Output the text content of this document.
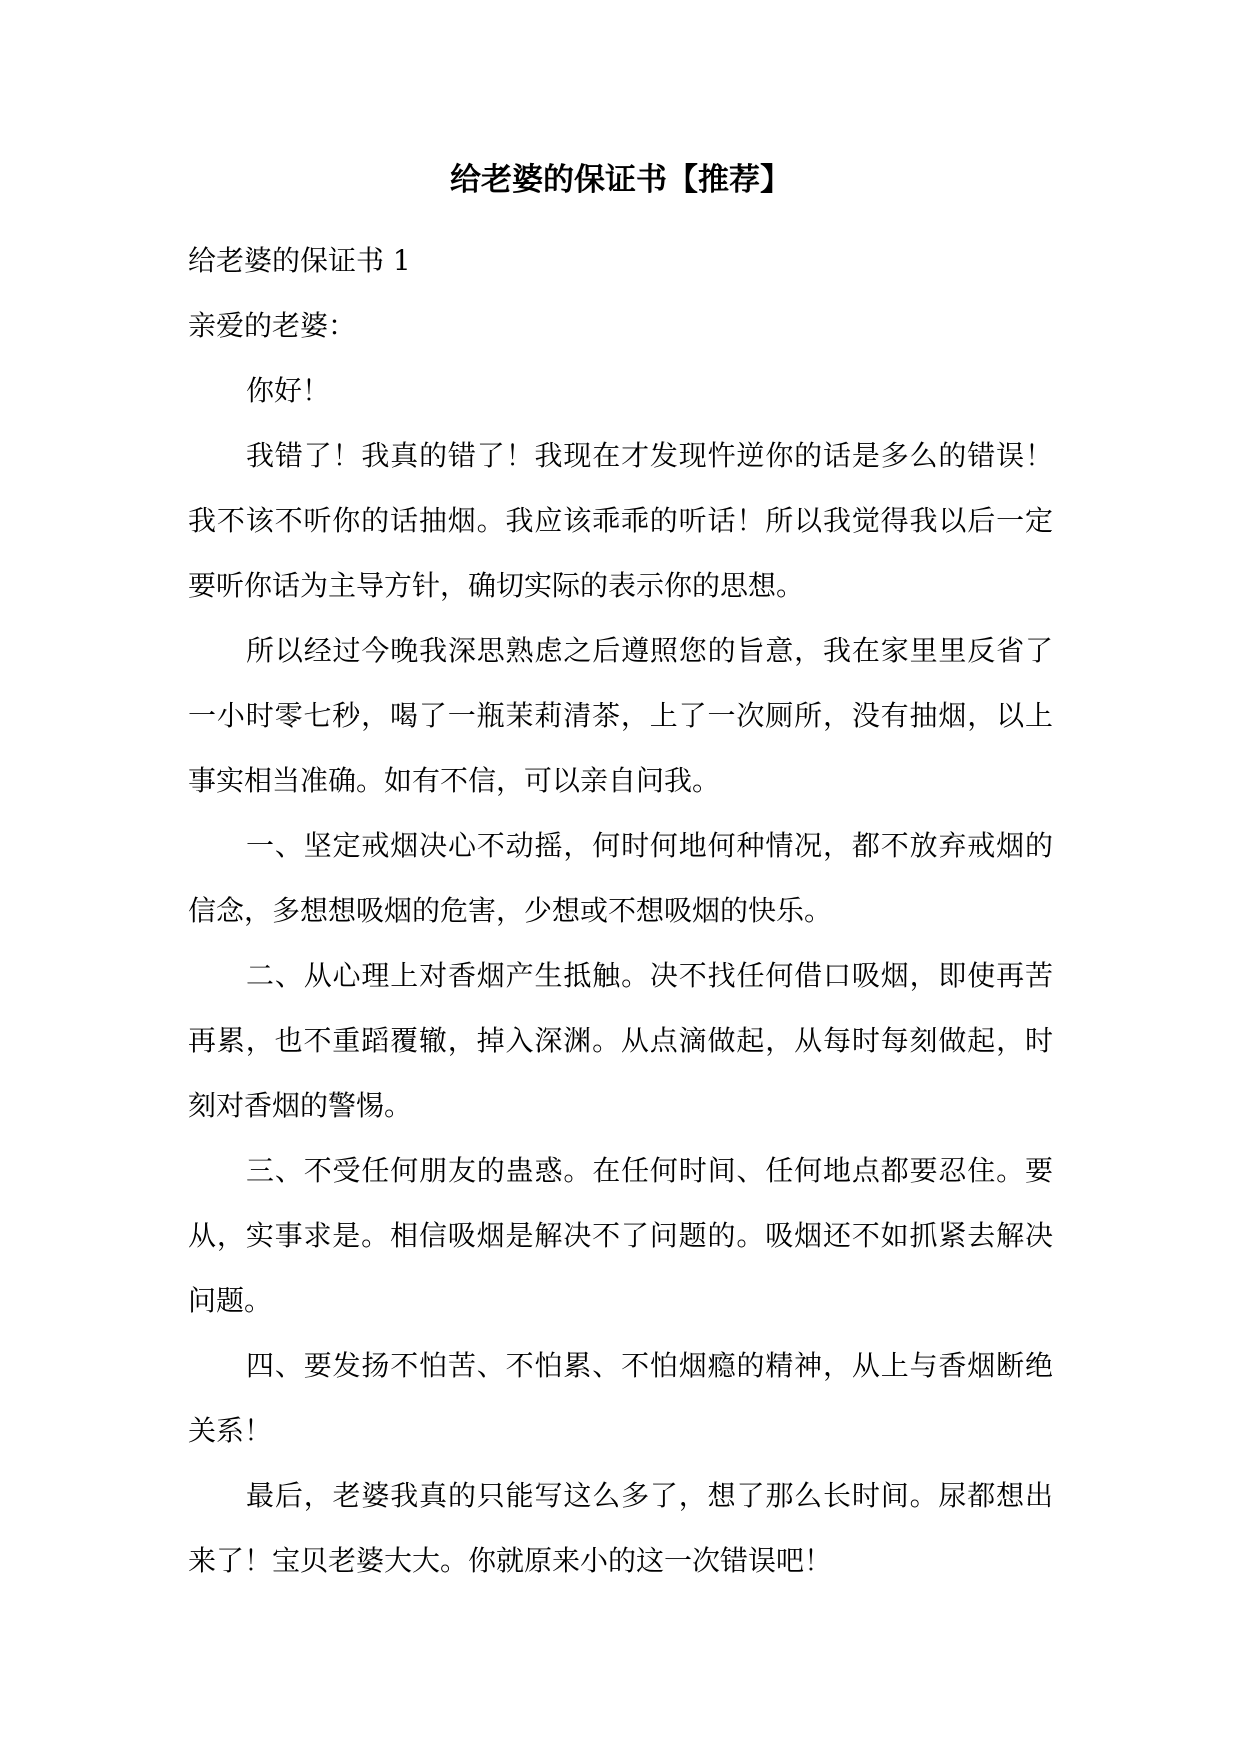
给老婆的保证书【推荐】

给老婆的保证书 1

亲爱的老婆：

你好！

我错了！我真的错了！我现在才发现忤逆你的话是多么的错误！我不该不听你的话抽烟。我应该乖乖的听话！所以我觉得我以后一定要听你话为主导方针，确切实际的表示你的思想。

所以经过今晚我深思熟虑之后遵照您的旨意，我在家里里反省了一小时零七秒，喝了一瓶茉莉清茶，上了一次厕所，没有抽烟，以上事实相当准确。如有不信，可以亲自问我。

一、坚定戒烟决心不动摇，何时何地何种情况，都不放弃戒烟的信念，多想想吸烟的危害，少想或不想吸烟的快乐。

二、从心理上对香烟产生抵触。决不找任何借口吸烟，即使再苦再累，也不重蹈覆辙，掉入深渊。从点滴做起，从每时每刻做起，时刻对香烟的警惕。

三、不受任何朋友的蛊惑。在任何时间、任何地点都要忍住。要从，实事求是。相信吸烟是解决不了问题的。吸烟还不如抓紧去解决问题。

四、要发扬不怕苦、不怕累、不怕烟瘾的精神，从上与香烟断绝关系！

最后，老婆我真的只能写这么多了，想了那么长时间。尿都想出来了！宝贝老婆大大。你就原来小的这一次错误吧！
